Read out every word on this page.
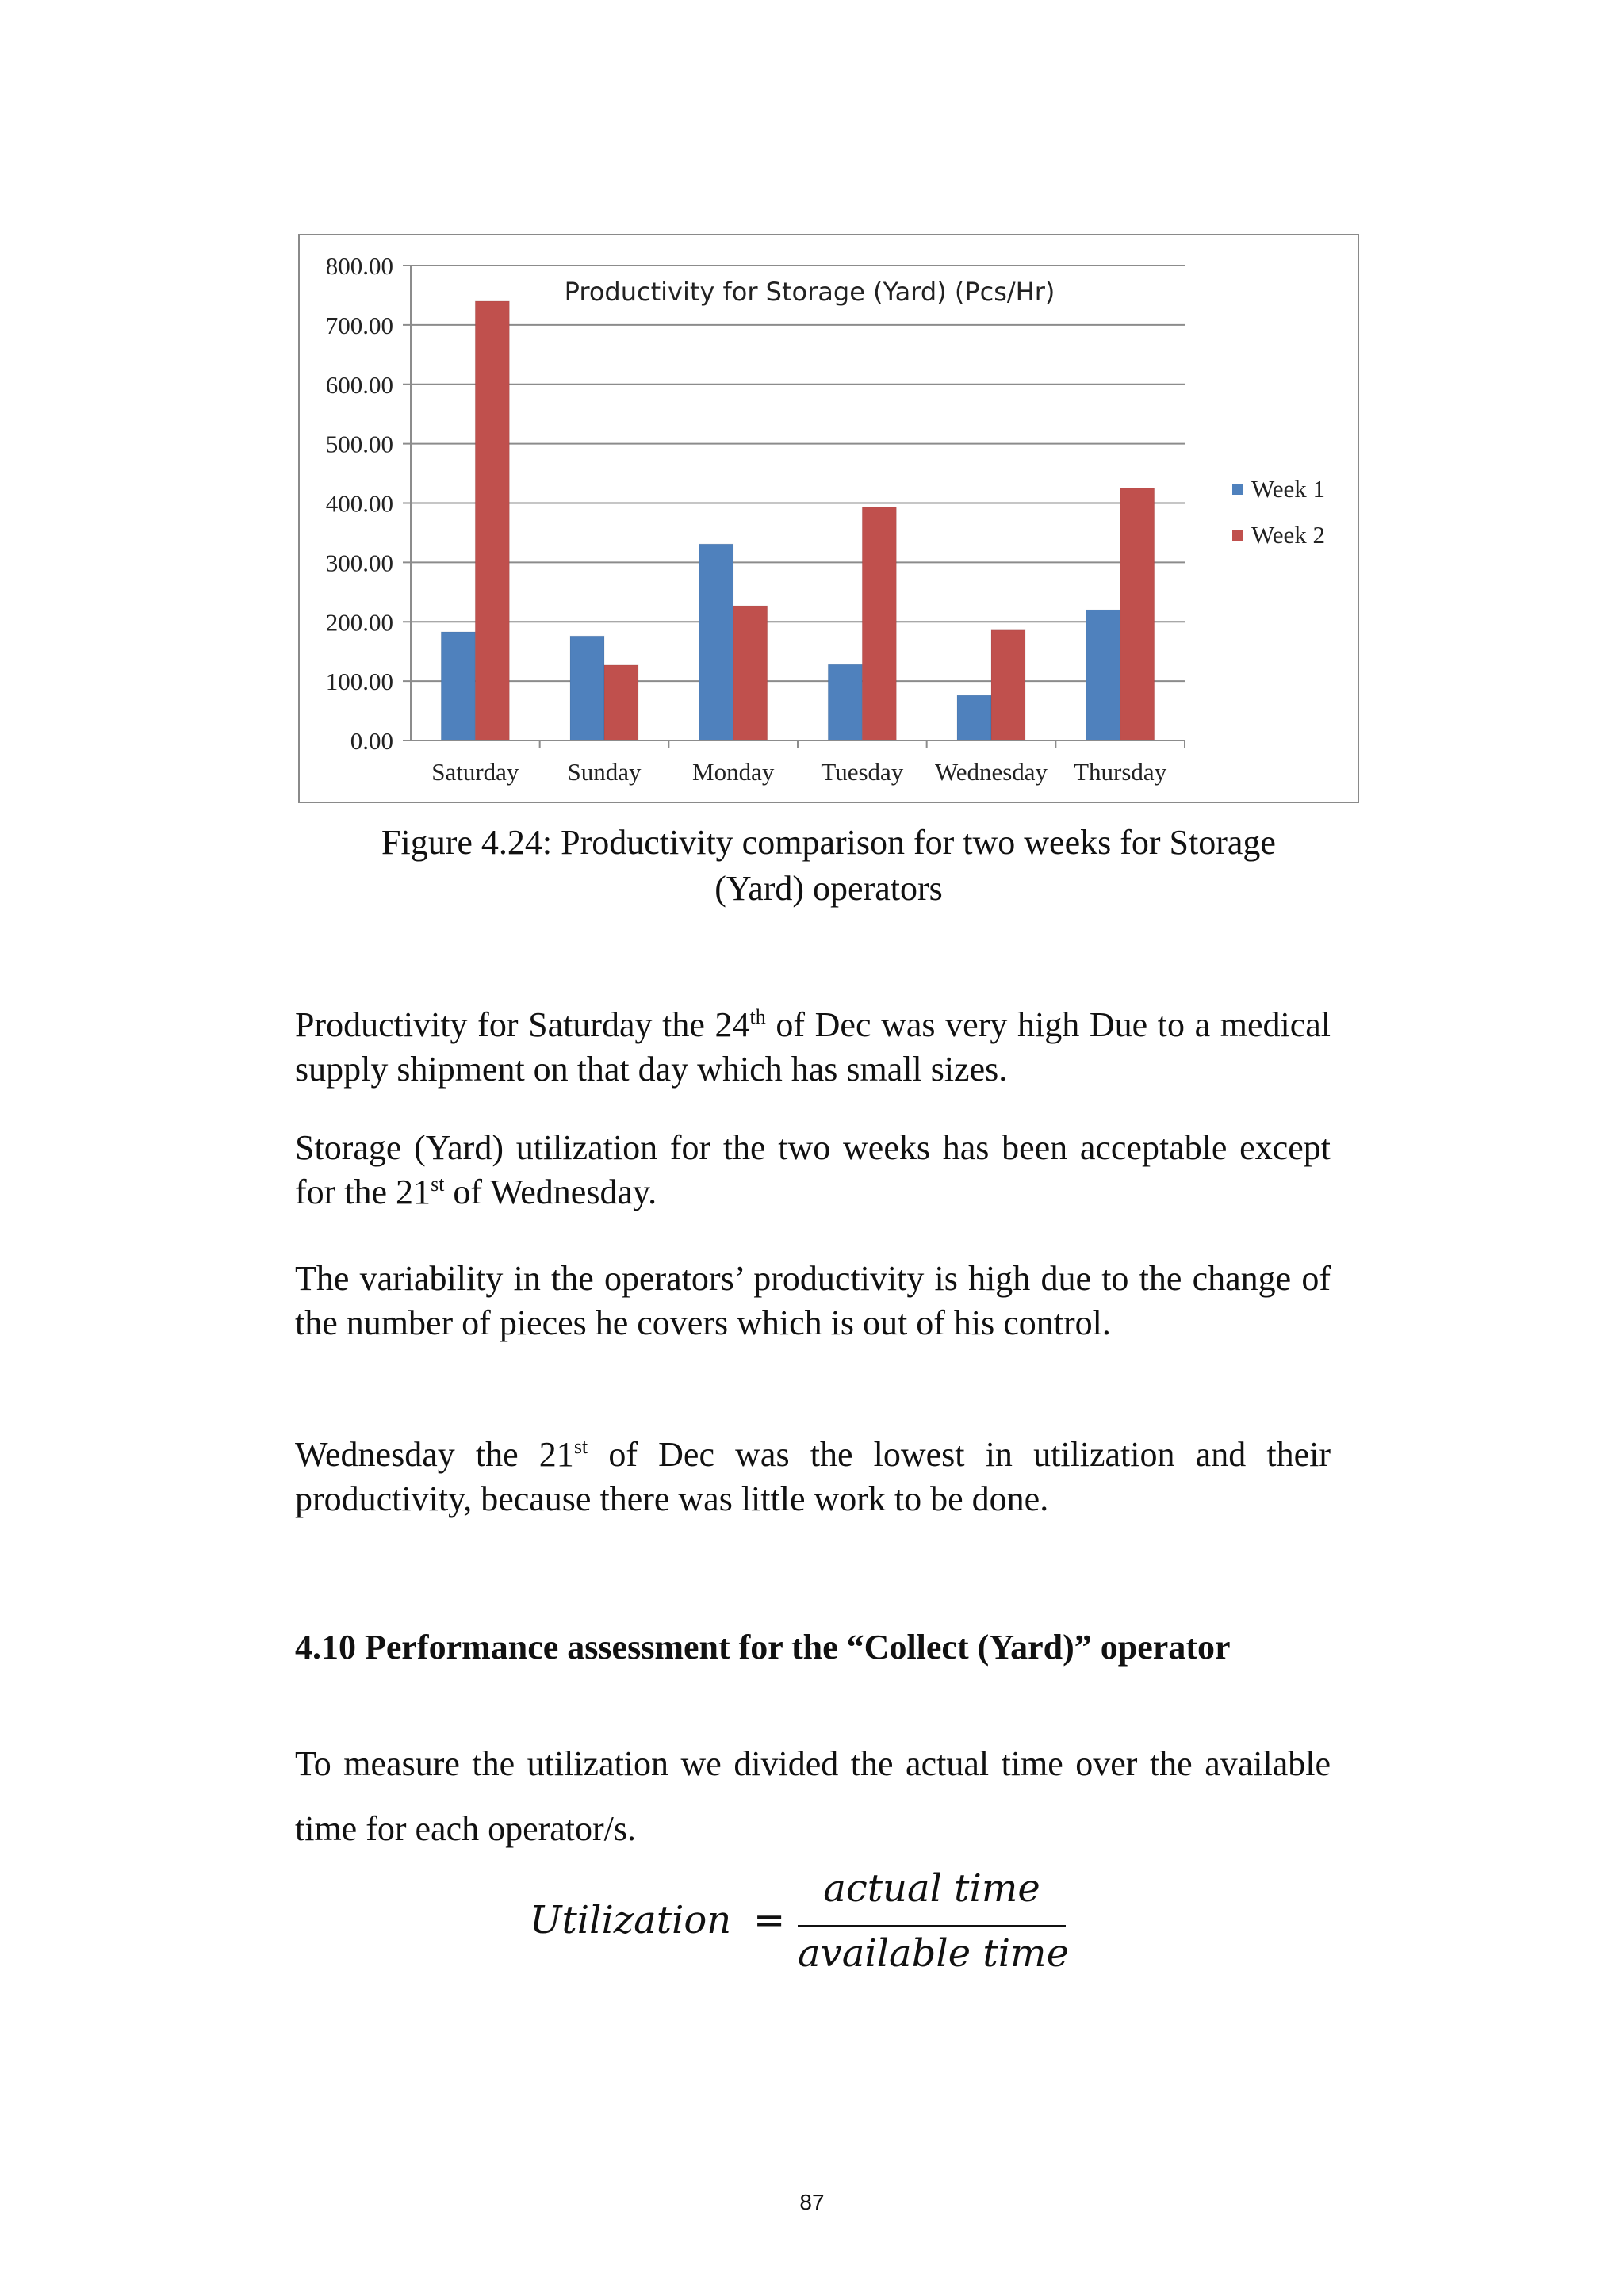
0.00
100.00
200.00
300.00
400.00
500.00
600.00
700.00
800.00
Saturday Sunday Monday Tuesday Wednesday Thursday
Productivity for Storage (Yard) (Pcs/Hr)
Week 1
Week 2

Figure 4.24: Productivity comparison for two weeks for Storage
(Yard) operators

Productivity for Saturday the 24th of Dec was very high Due to a medical supply shipment on that day which has small sizes.

Storage (Yard) utilization for the two weeks has been acceptable except for the 21st of Wednesday.

The variability in the operators’ productivity is high due to the change of the number of pieces he covers which is out of his control.

Wednesday the 21st of Dec was the lowest in utilization and their productivity, because there was little work to be done.

4.10 Performance assessment for the “Collect (Yard)” operator

To measure the utilization we divided the actual time over the available time for each operator/s.

Utilization =
actual time
available time
87
